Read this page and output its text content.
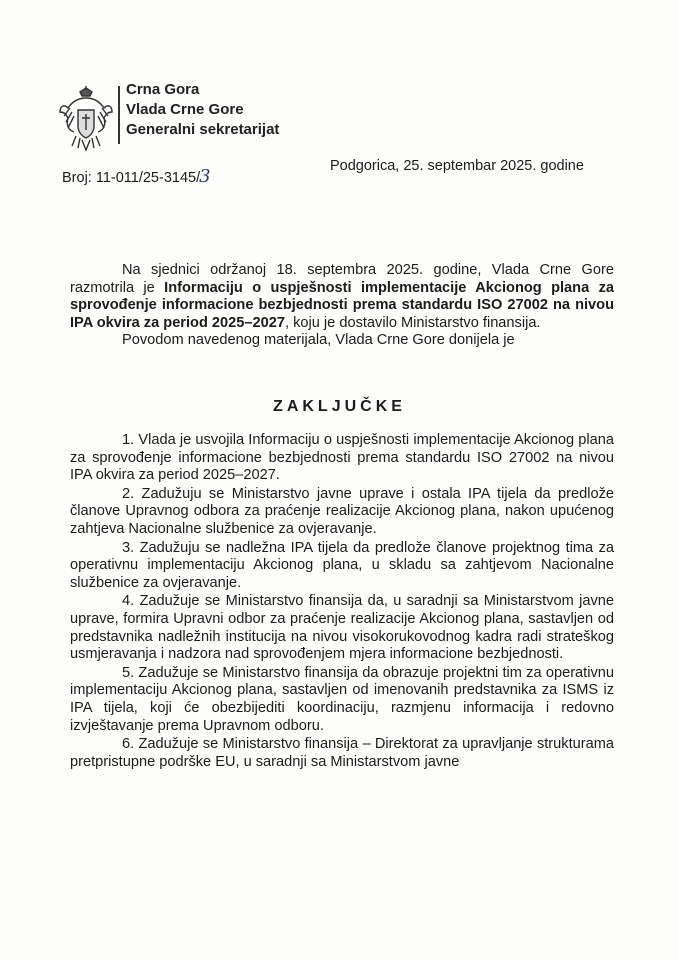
Crna Gora
Vlada Crne Gore
Generalni sekretarijat
Broj: 11-011/25-3145/3	Podgorica, 25. septembar 2025. godine

Na sjednici održanoj 18. septembra 2025. godine, Vlada Crne Gore razmotrila je Informaciju o uspješnosti implementacije Akcionog plana za sprovođenje informacione bezbjednosti prema standardu ISO 27002 na nivou IPA okvira za period 2025–2027, koju je dostavilo Ministarstvo finansija.

Povodom navedenog materijala, Vlada Crne Gore donijela je

ZAKLJUČKE

1. Vlada je usvojila Informaciju o uspješnosti implementacije Akcionog plana za sprovođenje informacione bezbjednosti prema standardu ISO 27002 na nivou IPA okvira za period 2025–2027.

2. Zadužuju se Ministarstvo javne uprave i ostala IPA tijela da predlože članove Upravnog odbora za praćenje realizacije Akcionog plana, nakon upućenog zahtjeva Nacionalne službenice za ovjeravanje.

3. Zadužuju se nadležna IPA tijela da predlože članove projektnog tima za operativnu implementaciju Akcionog plana, u skladu sa zahtjevom Nacionalne službenice za ovjeravanje.

4. Zadužuje se Ministarstvo finansija da, u saradnji sa Ministarstvom javne uprave, formira Upravni odbor za praćenje realizacije Akcionog plana, sastavljen od predstavnika nadležnih institucija na nivou visokorukovodnog kadra radi strateškog usmjeravanja i nadzora nad sprovođenjem mjera informacione bezbjednosti.

5. Zadužuje se Ministarstvo finansija da obrazuje projektni tim za operativnu implementaciju Akcionog plana, sastavljen od imenovanih predstavnika za ISMS iz IPA tijela, koji će obezbijediti koordinaciju, razmjenu informacija i redovno izvještavanje prema Upravnom odboru.

6. Zadužuje se Ministarstvo finansija – Direktorat za upravljanje strukturama pretpristupne podrške EU, u saradnji sa Ministarstvom javne
